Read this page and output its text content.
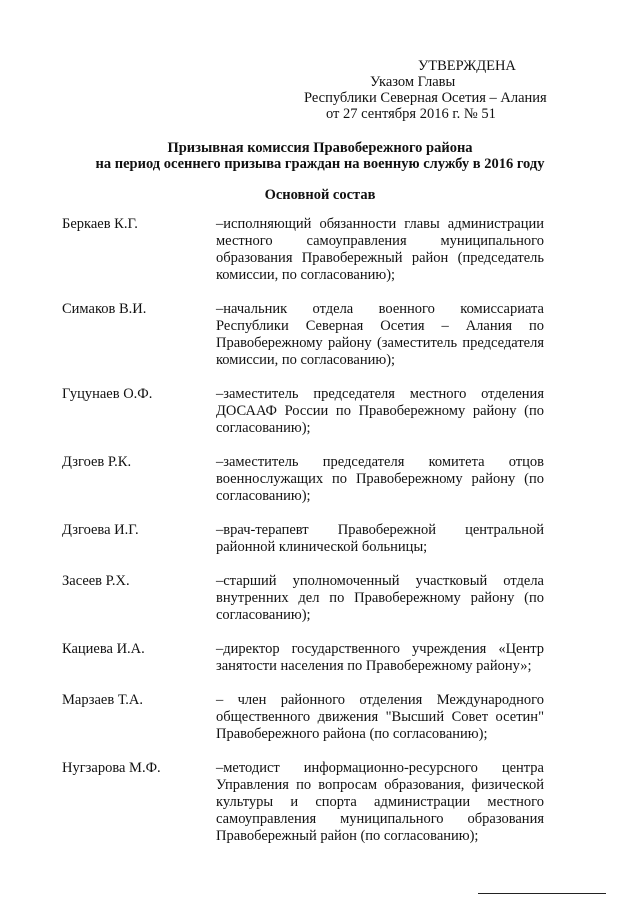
УТВЕРЖДЕНА
Указом Главы
Республики Северная Осетия – Алания
от 27 сентября 2016 г. № 51
Призывная комиссия Правобережного района
на период осеннего призыва граждан на военную службу в 2016 году
Основной состав
Беркаев К.Г.	–исполняющий обязанности главы администрации местного самоуправления муниципального образования Правобережный район (председатель комиссии, по согласованию);
Симаков В.И.	–начальник отдела военного комиссариата Республики Северная Осетия – Алания по Правобережному району (заместитель председателя комиссии, по согласованию);
Гуцунаев О.Ф.	–заместитель председателя местного отделения ДОСААФ России по Правобережному району (по согласованию);
Дзгоев Р.К.	–заместитель председателя комитета отцов военнослужащих по Правобережному району (по согласованию);
Дзгоева И.Г.	–врач-терапевт Правобережной центральной районной клинической больницы;
Засеев Р.Х.	–старший уполномоченный участковый отдела внутренних дел по Правобережному району (по согласованию);
Кациева И.А.	–директор государственного учреждения «Центр занятости населения по Правобережному району»;
Марзаев Т.А.	– член районного отделения Международного общественного движения "Высший Совет осетин" Правобережного района (по согласованию);
Нугзарова М.Ф.	–методист информационно-ресурсного центра Управления по вопросам образования, физической культуры и спорта администрации местного самоуправления муниципального образования Правобережный район (по согласованию);
